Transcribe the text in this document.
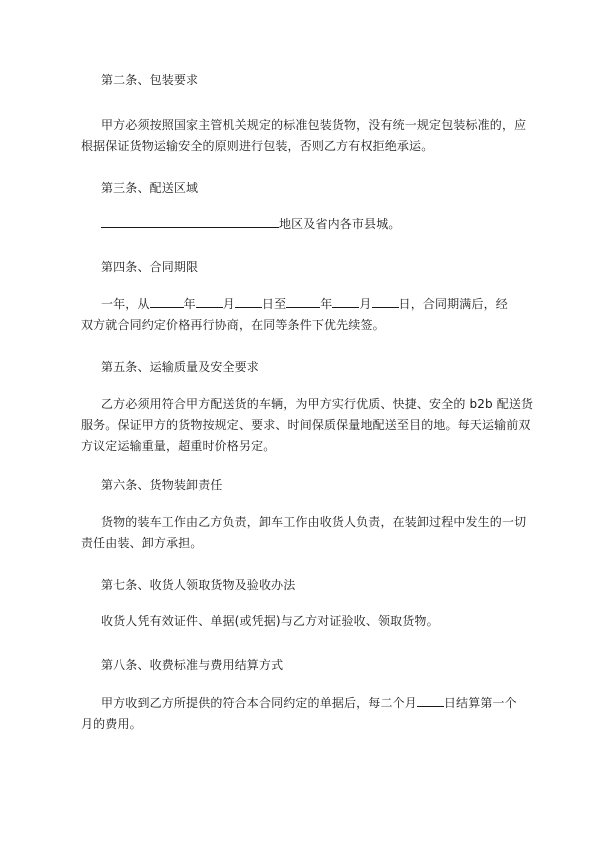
第二条、包装要求

甲方必须按照国家主管机关规定的标准包装货物，没有统一规定包装标准的，应
根据保证货物运输安全的原则进行包装，否则乙方有权拒绝承运。

第三条、配送区域

地区及省内各市县城。

第四条、合同期限

一年，从	年 月 日至	年 月 日，合同期满后，经
双方就合同约定价格再行协商，在同等条件下优先续签。

第五条、运输质量及安全要求

乙方必须用符合甲方配送货的车辆，为甲方实行优质、快捷、安全的 b2b 配送货
服务。保证甲方的货物按规定、要求、时间保质保量地配送至目的地。每天运输前双
方议定运输重量，超重时价格另定。

第六条、货物装卸责任

货物的装车工作由乙方负责，卸车工作由收货人负责，在装卸过程中发生的一切
责任由装、卸方承担。

第七条、收货人领取货物及验收办法

收货人凭有效证件、单据(或凭据)与乙方对证验收、领取货物。

第八条、收费标准与费用结算方式

甲方收到乙方所提供的符合本合同约定的单据后，每二个月 日结算第一个
月的费用。
